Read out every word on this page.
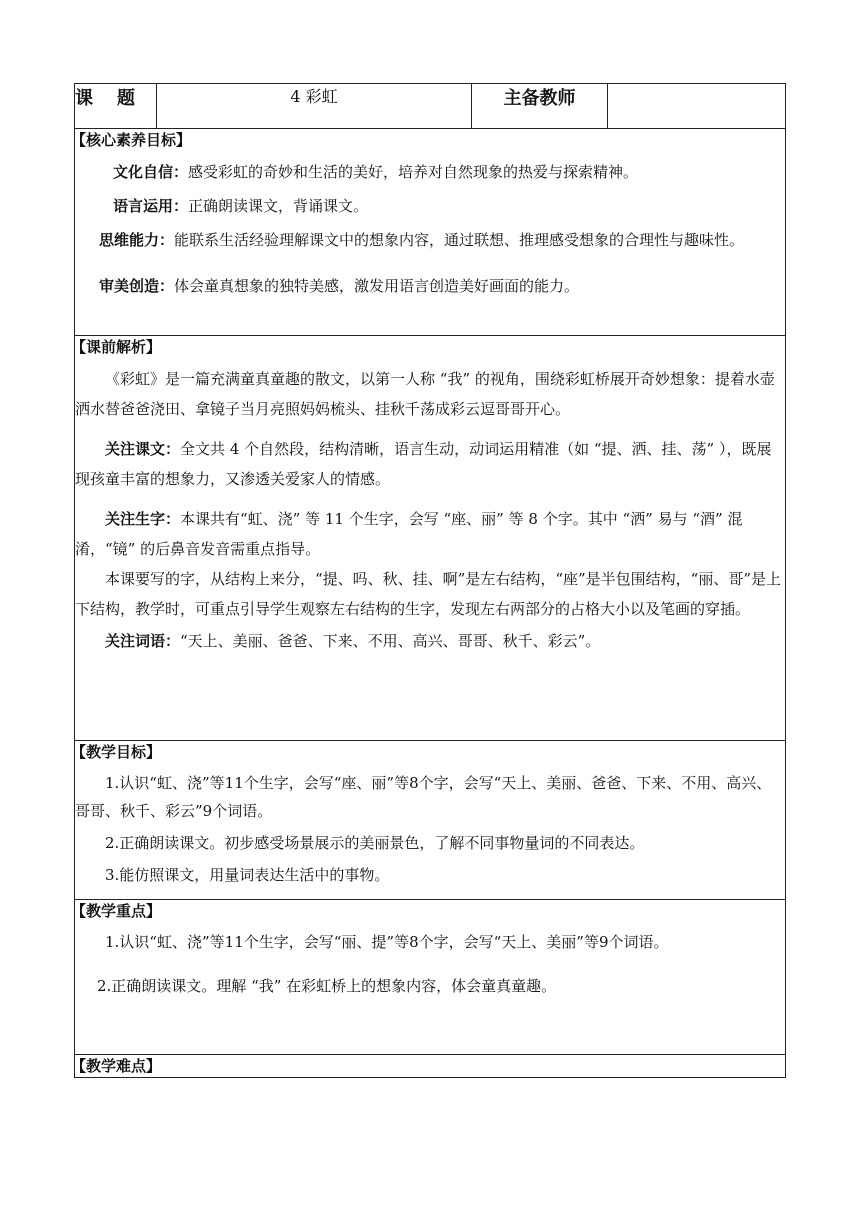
课 题	4 彩虹	主备教师	

【核心素养目标】

文化自信：感受彩虹的奇妙和生活的美好，培养对自然现象的热爱与探索精神。

语言运用：正确朗读课文，背诵课文。

思维能力：能联系生活经验理解课文中的想象内容，通过联想、推理感受想象的合理性与趣味性。

审美创造：体会童真想象的独特美感，激发用语言创造美好画面的能力。

【课前解析】

《彩虹》是一篇充满童真童趣的散文，以第一人称 “我” 的视角，围绕彩虹桥展开奇妙想象：提着水壶洒水替爸爸浇田、拿镜子当月亮照妈妈梳头、挂秋千荡成彩云逗哥哥开心。

关注课文：全文共 4 个自然段，结构清晰，语言生动，动词运用精准（如 “提、洒、挂、荡” ），既展现孩童丰富的想象力，又渗透关爱家人的情感。

关注生字：本课共有“虹、浇” 等 11 个生字，会写 “座、丽” 等 8 个字。其中 “洒” 易与 “酒” 混淆，“镜” 的后鼻音发音需重点指导。

本课要写的字，从结构上来分，“提、吗、秋、挂、啊”是左右结构，“座”是半包围结构，“丽、哥”是上下结构，教学时，可重点引导学生观察左右结构的生字，发现左右两部分的占格大小以及笔画的穿插。

关注词语：“天上、美丽、爸爸、下来、不用、高兴、哥哥、秋千、彩云”。

【教学目标】

1.认识“虹、浇”等11个生字，会写“座、丽”等8个字，会写“天上、美丽、爸爸、下来、不用、高兴、哥哥、秋千、彩云”9个词语。

2.正确朗读课文。初步感受场景展示的美丽景色，了解不同事物量词的不同表达。

3.能仿照课文，用量词表达生活中的事物。

【教学重点】

1.认识“虹、浇”等11个生字，会写“丽、提”等8个字，会写“天上、美丽”等9个词语。

2.正确朗读课文。理解 “我” 在彩虹桥上的想象内容，体会童真童趣。

【教学难点】
